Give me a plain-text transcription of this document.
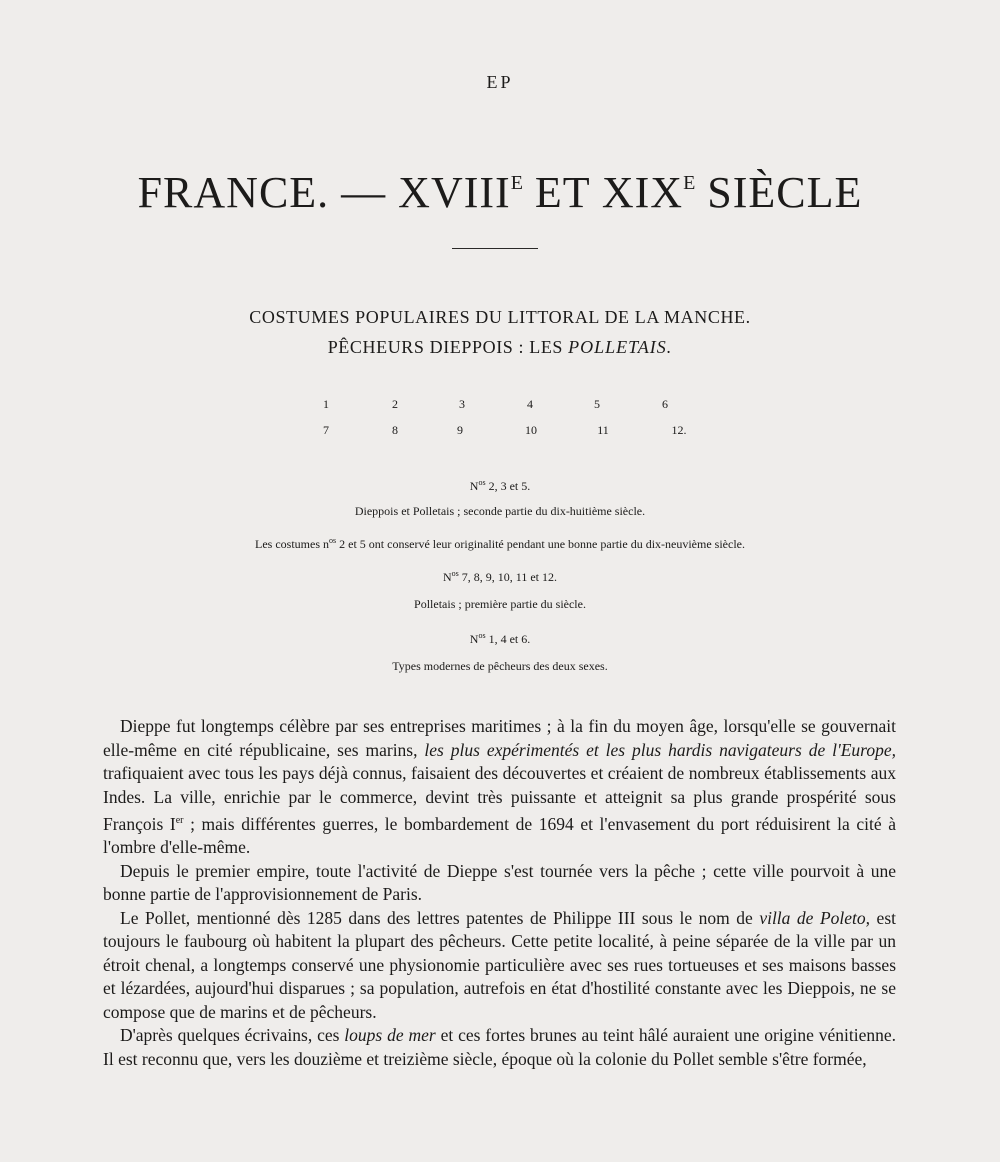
EP
FRANCE. — $XVIII^E$ ET $XIX^E$ SIÈCLE
COSTUMES POPULAIRES DU LITTORAL DE LA MANCHE.
PÊCHEURS DIEPPOIS : LES POLLETAIS.
1	2	3	4	5	6
7	8	9	10	11	12.
$N^{os}$ 2, 3 et 5.
Dieppois et Polletais ; seconde partie du dix-huitième siècle.
Les costumes $n^{os}$ 2 et 5 ont conservé leur originalité pendant une bonne partie du dix-neuvième siècle.
$N^{os}$ 7, 8, 9, 10, 11 et 12.
Polletais ; première partie du siècle.
$N^{os}$ 1, 4 et 6.
Types modernes de pêcheurs des deux sexes.

Dieppe fut longtemps célèbre par ses entreprises maritimes ; à la fin du moyen âge, lorsqu'elle se gouvernait elle-même en cité républicaine, ses marins, les plus expérimentés et les plus hardis navigateurs de l'Europe, trafiquaient avec tous les pays déjà connus, faisaient des découvertes et créaient de nombreux établissements aux Indes. La ville, enrichie par le commerce, devint très puissante et atteignit sa plus grande prospérité sous François Ier ; mais différentes guerres, le bombardement de 1694 et l'envasement du port réduisirent la cité à l'ombre d'elle-même.

Depuis le premier empire, toute l'activité de Dieppe s'est tournée vers la pêche ; cette ville pourvoit à une bonne partie de l'approvisionnement de Paris.

Le Pollet, mentionné dès 1285 dans des lettres patentes de Philippe III sous le nom de villa de Poleto, est toujours le faubourg où habitent la plupart des pêcheurs. Cette petite localité, à peine séparée de la ville par un étroit chenal, a longtemps conservé une physionomie particulière avec ses rues tortueuses et ses maisons basses et lézardées, aujourd'hui disparues ; sa population, autrefois en état d'hostilité constante avec les Dieppois, ne se compose que de marins et de pêcheurs.

D'après quelques écrivains, ces loups de mer et ces fortes brunes au teint hâlé auraient une origine vénitienne. Il est reconnu que, vers les douzième et treizième siècle, époque où la colonie du Pollet semble s'être formée,
